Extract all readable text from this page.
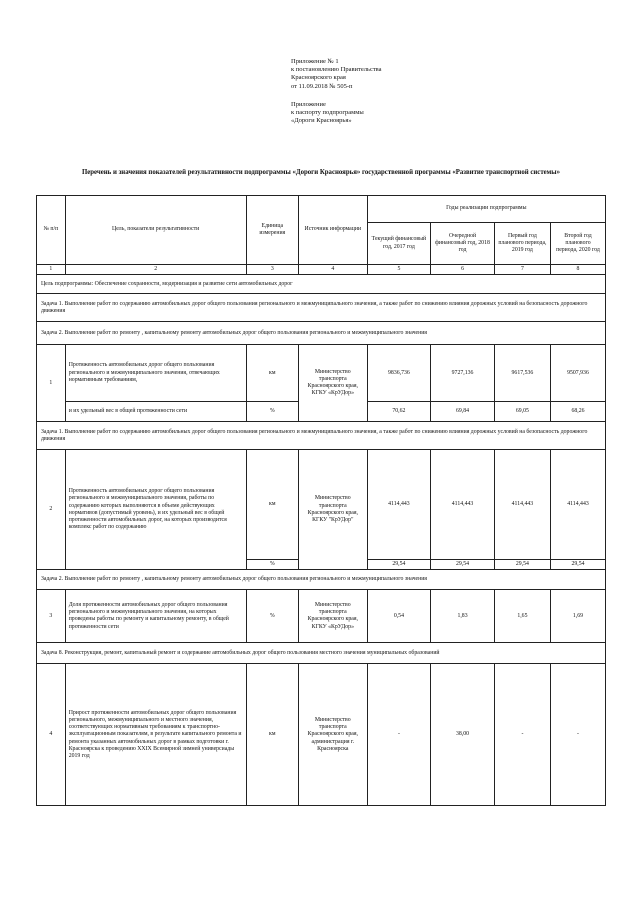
Приложение № 1
к постановлению Правительства
Красноярского края
от 11.09.2018 № 505-п
Приложение
к паспорту подпрограммы
«Дороги Красноярья»
Перечень и значения показателей результативности подпрограммы «Дороги Красноярья» государственной программы «Развитие транспортной системы»
№ п/п	Цель, показатели результативности	Единица измерения	Источник информации	Годы реализации подпрограммы			
				Текущий финансовый год, 2017 год	Очередной финансовый год, 2018 год	Первый год планового периода, 2019 год	Второй год планового периода, 2020 год
1	2	3	4	5	6	7	8
Цель подпрограммы: Обеспечение сохранности, модернизация и развитие сети автомобильных дорог							
Задача 1. Выполнение работ по содержанию автомобильных дорог общего пользования регионального и межмуниципального значения, а также работ по снижению влияния дорожных условий на безопасность дорожного движения							
Задача 2. Выполнение работ по ремонту , капитальному ремонту автомобильных дорог общего пользования регионального и межмуниципального значения							
1	Протяженность автомобильных дорог общего пользования регионального и межмуниципального значения, отвечающих нормативным требованиям,	км	Министерство транспорта Красноярского края, КГКУ «КрУДор»	9836,736	9727,136	9617,536	9507,936
	и их удельный вес в общей протяженности сети	%		70,62	69,84	69,05	68,26
Задача 1. Выполнение работ по содержанию автомобильных дорог общего пользования регионального и межмуниципального значения, а также работ по снижению влияния дорожных условий на безопасность дорожного движения							
2	Протяженность автомобильных дорог общего пользования регионального и межмуниципального значения, работы по содержанию которых выполняются в объеме действующих нормативов (допустимый уровень), и их удельный вес в общей протяженности автомобильных дорог, на которых производится комплекс работ по содержанию	км	Министерство транспорта Красноярского края, КГКУ "КрУДор"	4114,443	4114,443	4114,443	4114,443
		%		29,54	29,54	29,54	29,54
Задача 2. Выполнение работ по ремонту , капитальному ремонту автомобильных дорог общего пользования регионального и межмуниципального значения							
3	Доля протяженности автомобильных дорог общего пользования регионального и межмуниципального значения, на которых проведены работы по ремонту и капитальному ремонту, в общей протяженности сети	%	Министерство транспорта Красноярского края, КГКУ «КрУДор»	0,54	1,83	1,65	1,69
Задача 8. Реконструкция, ремонт, капитальный ремонт и содержание автомобильных дорог общего пользования местного значения муниципальных образований							
4	Прирост протяженности автомобильных дорог общего пользования регионального, межмуниципального и местного значения, соответствующих нормативным требованиям к транспортно-эксплуатационным показателям, в результате капитального ремонта и ремонта указанных автомобильных дорог в рамках подготовки г. Красноярска к проведению XXIX Всемирной зимней универсиады 2019 год	км	Министерство транспорта Красноярского края, администрация г. Красноярска	-	38,00	-	-
